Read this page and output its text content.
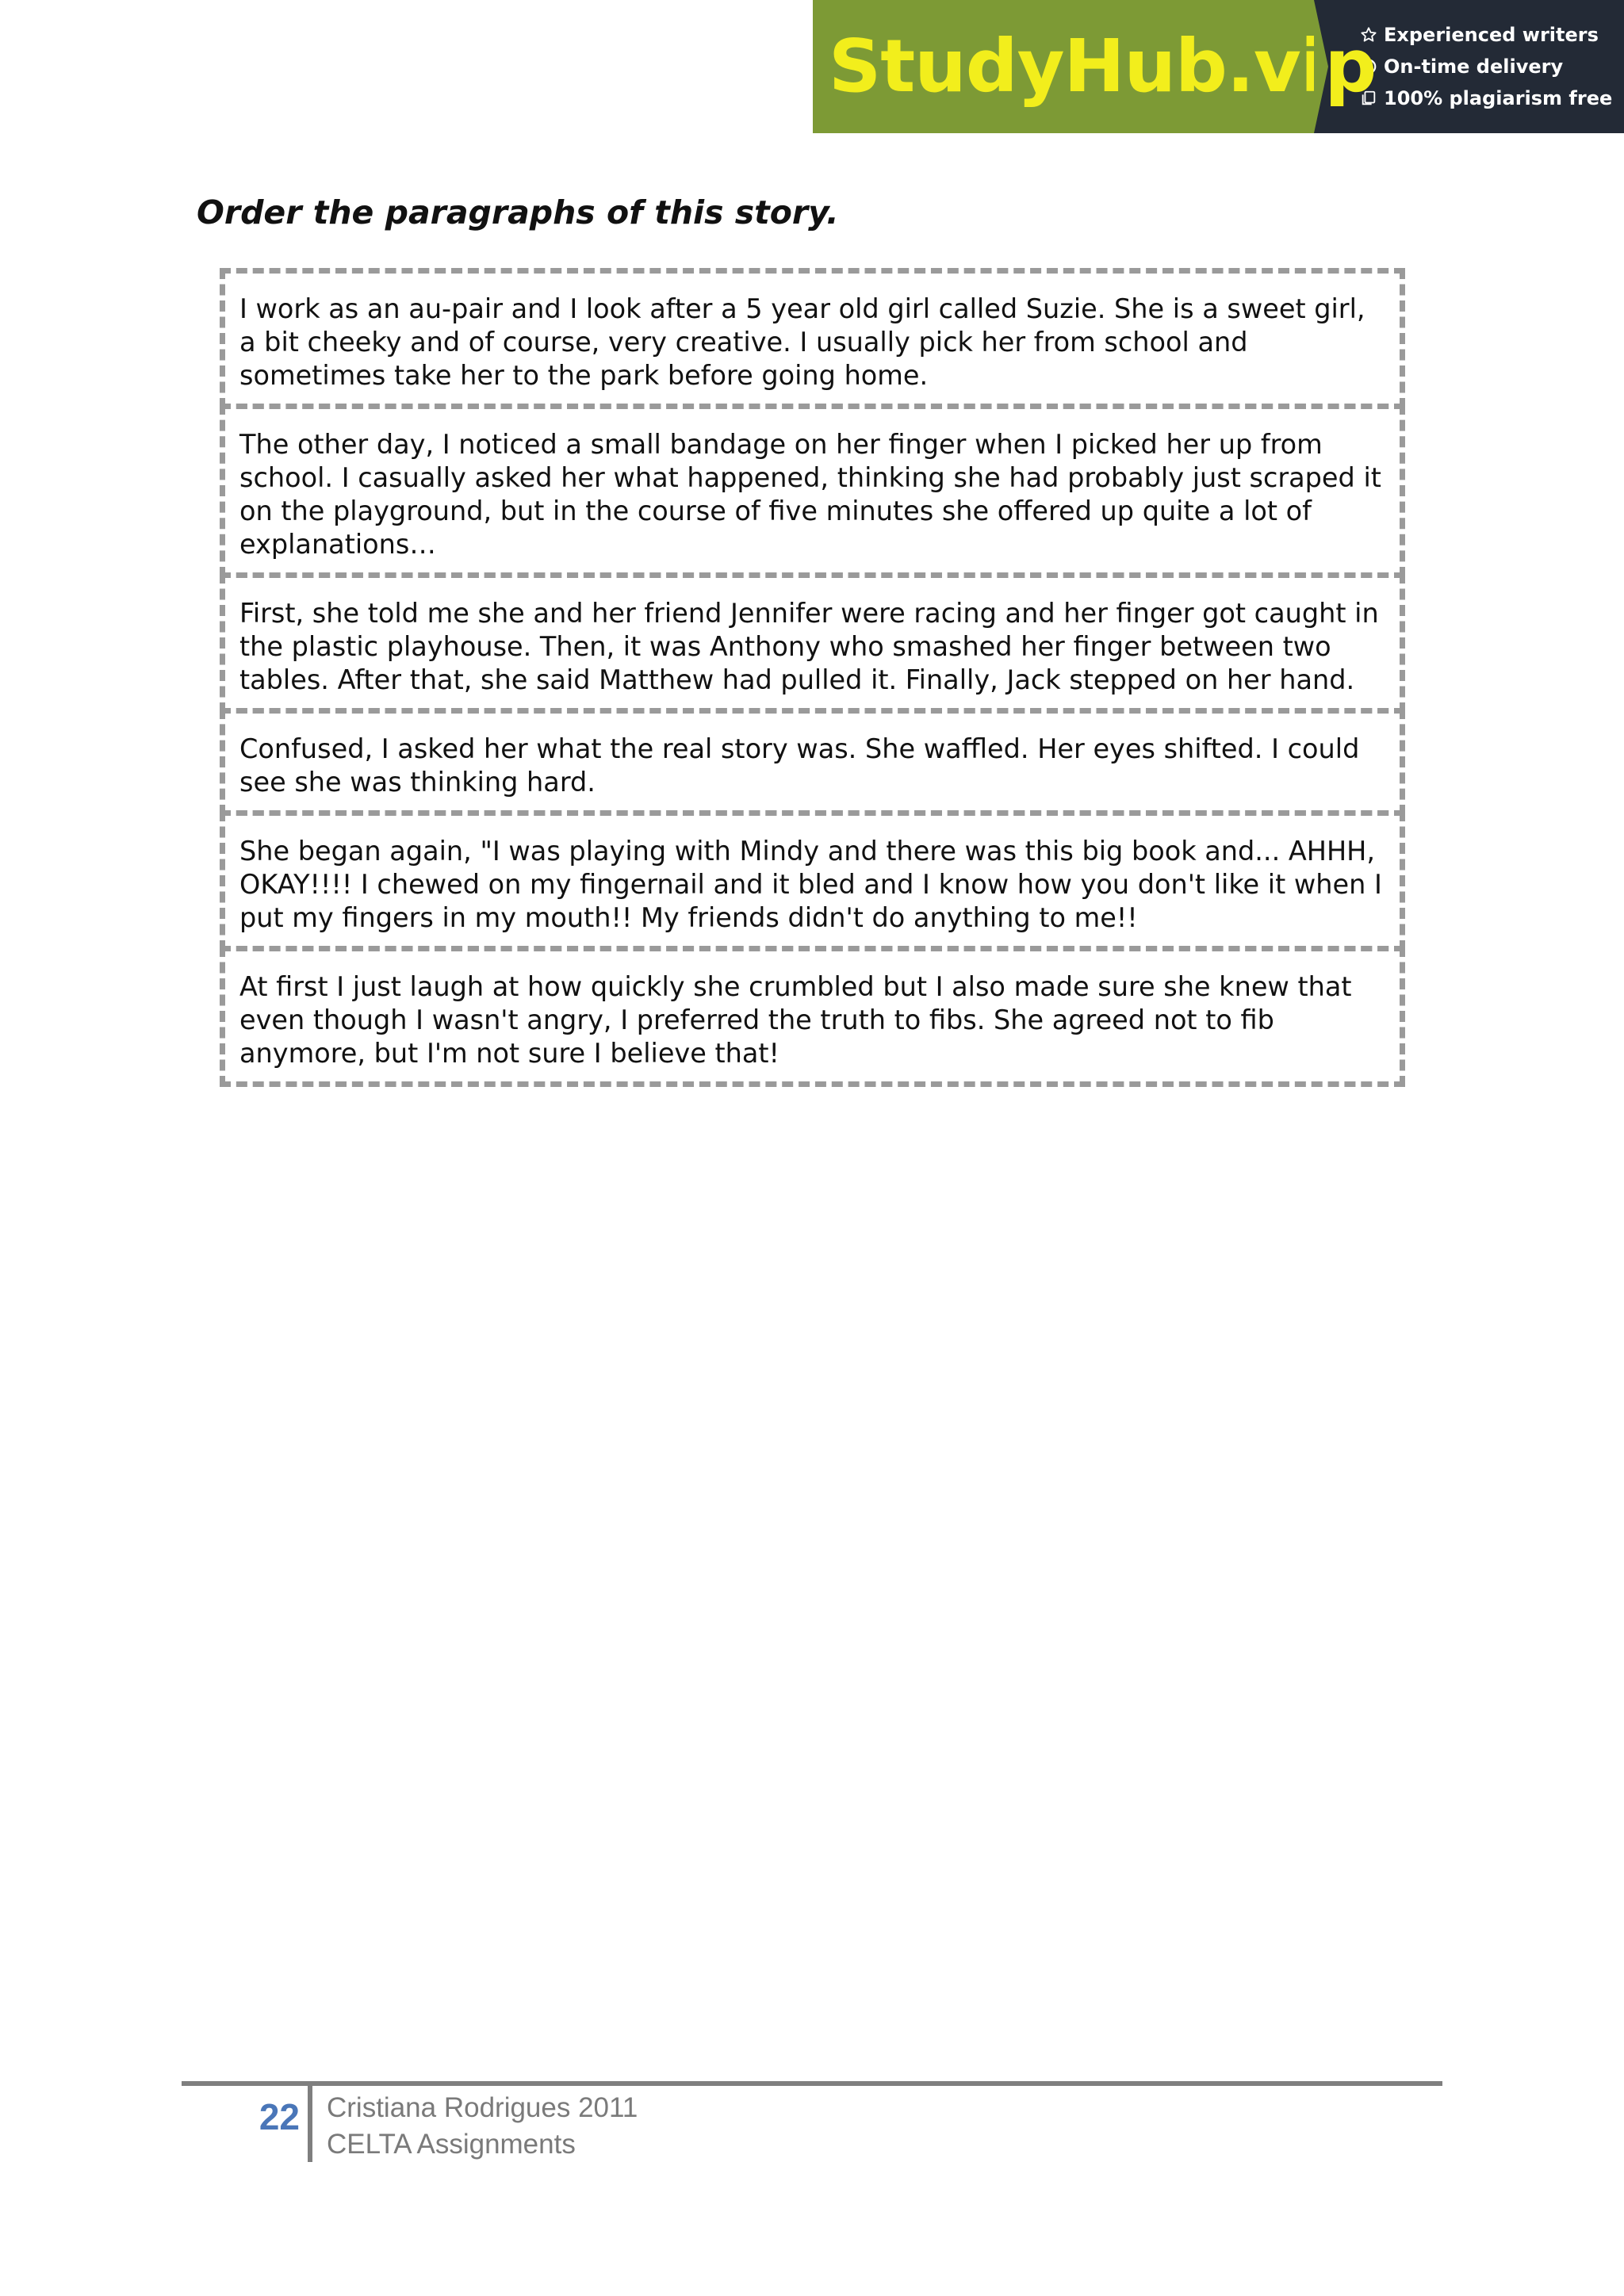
StudyHub.vip Experienced writers
On-time delivery
100% plagiarism free
Order the paragraphs of this story.
I work as an au-pair and I look after a 5 year old girl called Suzie. She is a sweet girl, a bit cheeky and of course, very creative. I usually pick her from school and sometimes take her to the park before going home.
The other day, I noticed a small bandage on her finger when I picked her up from school. I casually asked her what happened, thinking she had probably just scraped it on the playground, but in the course of five minutes she offered up quite a lot of explanations…
First, she told me she and her friend Jennifer were racing and her finger got caught in the plastic playhouse. Then, it was Anthony who smashed her finger between two tables. After that, she said Matthew had pulled it. Finally, Jack stepped on her hand.
Confused, I asked her what the real story was. She waffled. Her eyes shifted. I could see she was thinking hard.
She began again, "I was playing with Mindy and there was this big book and... AHHH, OKAY!!!! I chewed on my fingernail and it bled and I know how you don't like it when I put my fingers in my mouth!! My friends didn't do anything to me!!
At first I just laugh at how quickly she crumbled but I also made sure she knew that even though I wasn't angry, I preferred the truth to fibs. She agreed not to fib anymore, but I'm not sure I believe that!
22 Cristiana Rodrigues 2011
CELTA Assignments
